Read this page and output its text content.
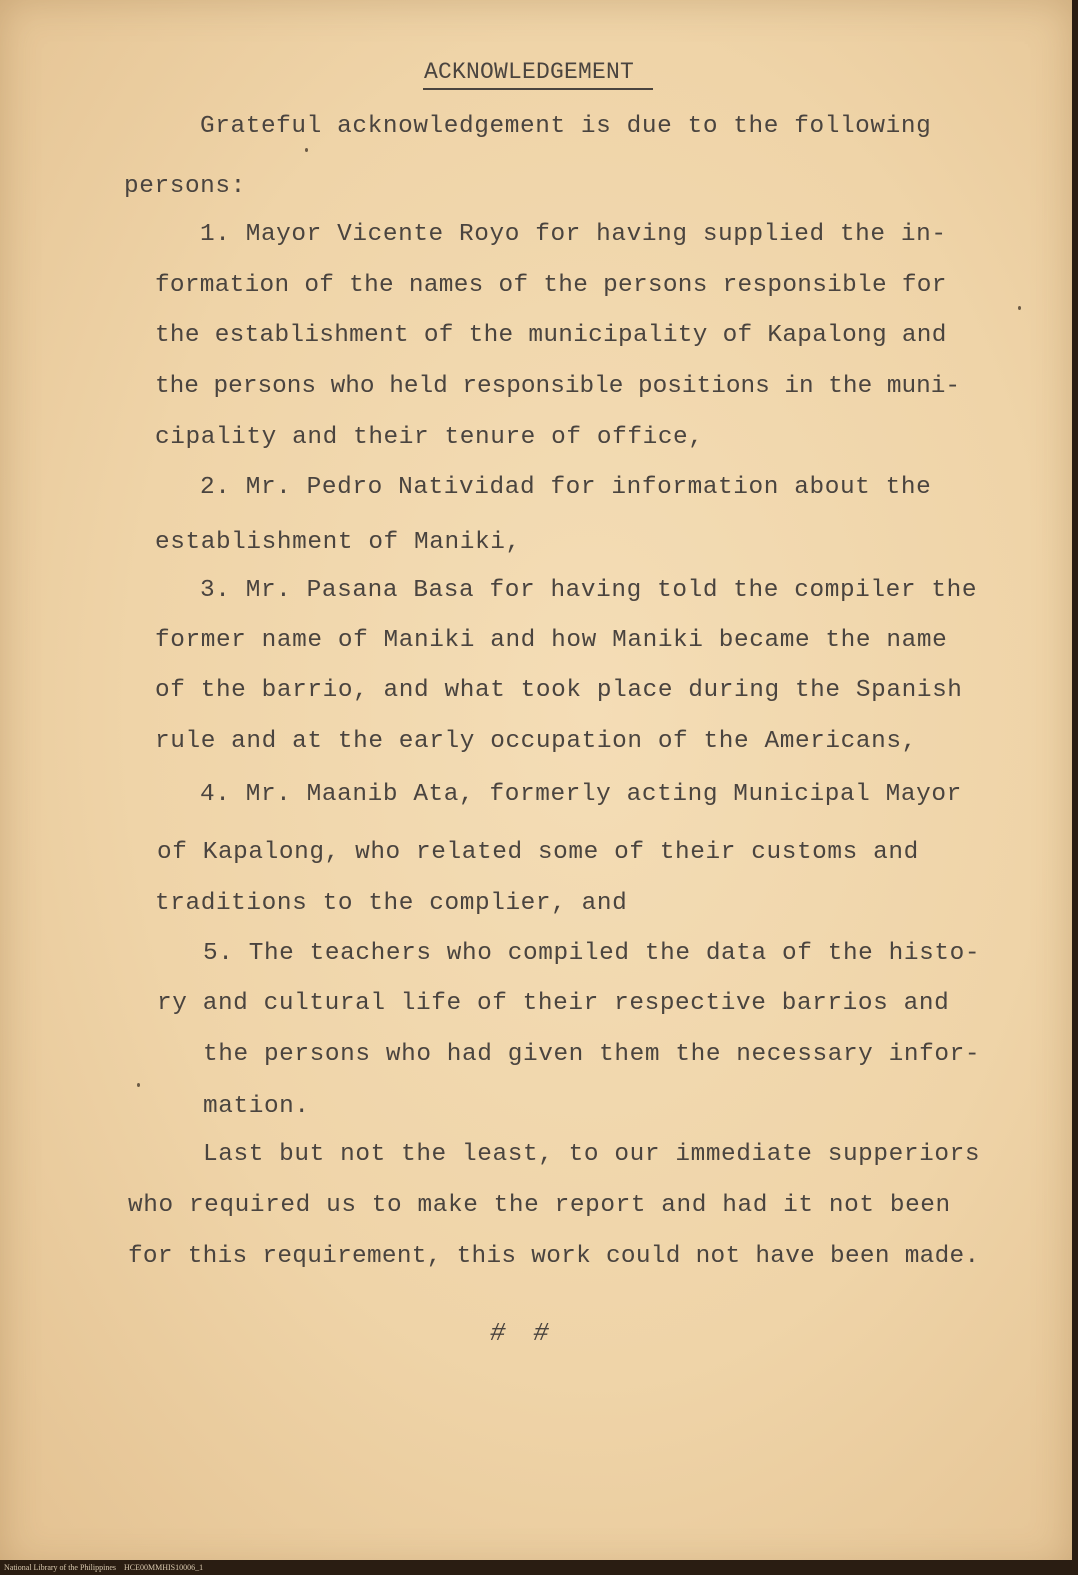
ACKNOWLEDGEMENT
Grateful acknowledgement is due to the following
persons:
1. Mayor Vicente Royo for having supplied the in-
formation of the names of the persons responsible for
the establishment of the municipality of Kapalong and
the persons who held responsible positions in the muni-
cipality and their tenure of office,
2. Mr. Pedro Natividad for information about the
establishment of Maniki,
3. Mr. Pasana Basa for having told the compiler the
former name of Maniki and how Maniki became the name
of the barrio, and what took place during the Spanish
rule and at the early occupation of the Americans,
4. Mr. Maanib Ata, formerly acting Municipal Mayor
of Kapalong, who related some of their customs and
traditions to the complier, and
5. The teachers who compiled the data of the histo-
ry and cultural life of their respective barrios and
the persons who had given them the necessary infor-
mation.
Last but not the least, to our immediate supperiors
who required us to make the report and had it not been
for this requirement, this work could not have been made.
# #
National Library of the Philippines    HCE00MMHIS10006_1
